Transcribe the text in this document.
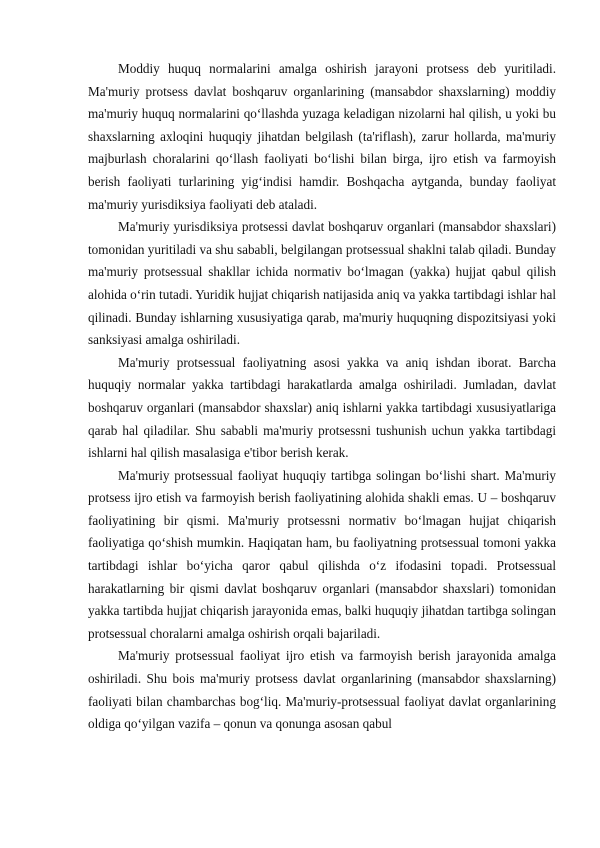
Moddiy huquq normalarini amalga oshirish jarayoni protsess deb yuritiladi. Ma'muriy protsess davlat boshqaruv organlarining (mansabdor shaxslarning) moddiy ma'muriy huquq normalarini qo‘llashda yuzaga keladigan nizolarni hal qilish, u yoki bu shaxslarning axloqini huquqiy jihatdan belgilash (ta'riflash), zarur hollarda, ma'muriy majburlash choralarini qo‘llash faoliyati bo‘lishi bilan birga, ijro etish va farmoyish berish faoliyati turlarining yig‘indisi hamdir. Boshqacha aytganda, bunday faoliyat ma'muriy yurisdiksiya faoliyati deb ataladi.

Ma'muriy yurisdiksiya protsessi davlat boshqaruv organlari (mansabdor shaxslari) tomonidan yuritiladi va shu sababli, belgilangan protsessual shaklni talab qiladi. Bunday ma'muriy protsessual shakllar ichida normativ bo‘lmagan (yakka) hujjat qabul qilish alohida o‘rin tutadi. Yuridik hujjat chiqarish natijasida aniq va yakka tartibdagi ishlar hal qilinadi. Bunday ishlarning xususiyatiga qarab, ma'muriy huquqning dispozitsiyasi yoki sanksiyasi amalga oshiriladi.

Ma'muriy protsessual faoliyatning asosi yakka va aniq ishdan iborat. Barcha huquqiy normalar yakka tartibdagi harakatlarda amalga oshiriladi. Jumladan, davlat boshqaruv organlari (mansabdor shaxslar) aniq ishlarni yakka tartibdagi xususiyatlariga qarab hal qiladilar. Shu sababli ma'muriy protsessni tushunish uchun yakka tartibdagi ishlarni hal qilish masalasiga e'tibor berish kerak.

Ma'muriy protsessual faoliyat huquqiy tartibga solingan bo‘lishi shart. Ma'muriy protsess ijro etish va farmoyish berish faoliyatining alohida shakli emas. U – boshqaruv faoliyatining bir qismi. Ma'muriy protsessni normativ bo‘lmagan hujjat chiqarish faoliyatiga qo‘shish mumkin. Haqiqatan ham, bu faoliyatning protsessual tomoni yakka tartibdagi ishlar bo‘yicha qaror qabul qilishda o‘z ifodasini topadi. Protsessual harakatlarning bir qismi davlat boshqaruv organlari (mansabdor shaxslari) tomonidan yakka tartibda hujjat chiqarish jarayonida emas, balki huquqiy jihatdan tartibga solingan protsessual choralarni amalga oshirish orqali bajariladi.

Ma'muriy protsessual faoliyat ijro etish va farmoyish berish jarayonida amalga oshiriladi. Shu bois ma'muriy protsess davlat organlarining (mansabdor shaxslarning) faoliyati bilan chambarchas bog‘liq. Ma'muriy-protsessual faoliyat davlat organlarining oldiga qo‘yilgan vazifa – qonun va qonunga asosan qabul
